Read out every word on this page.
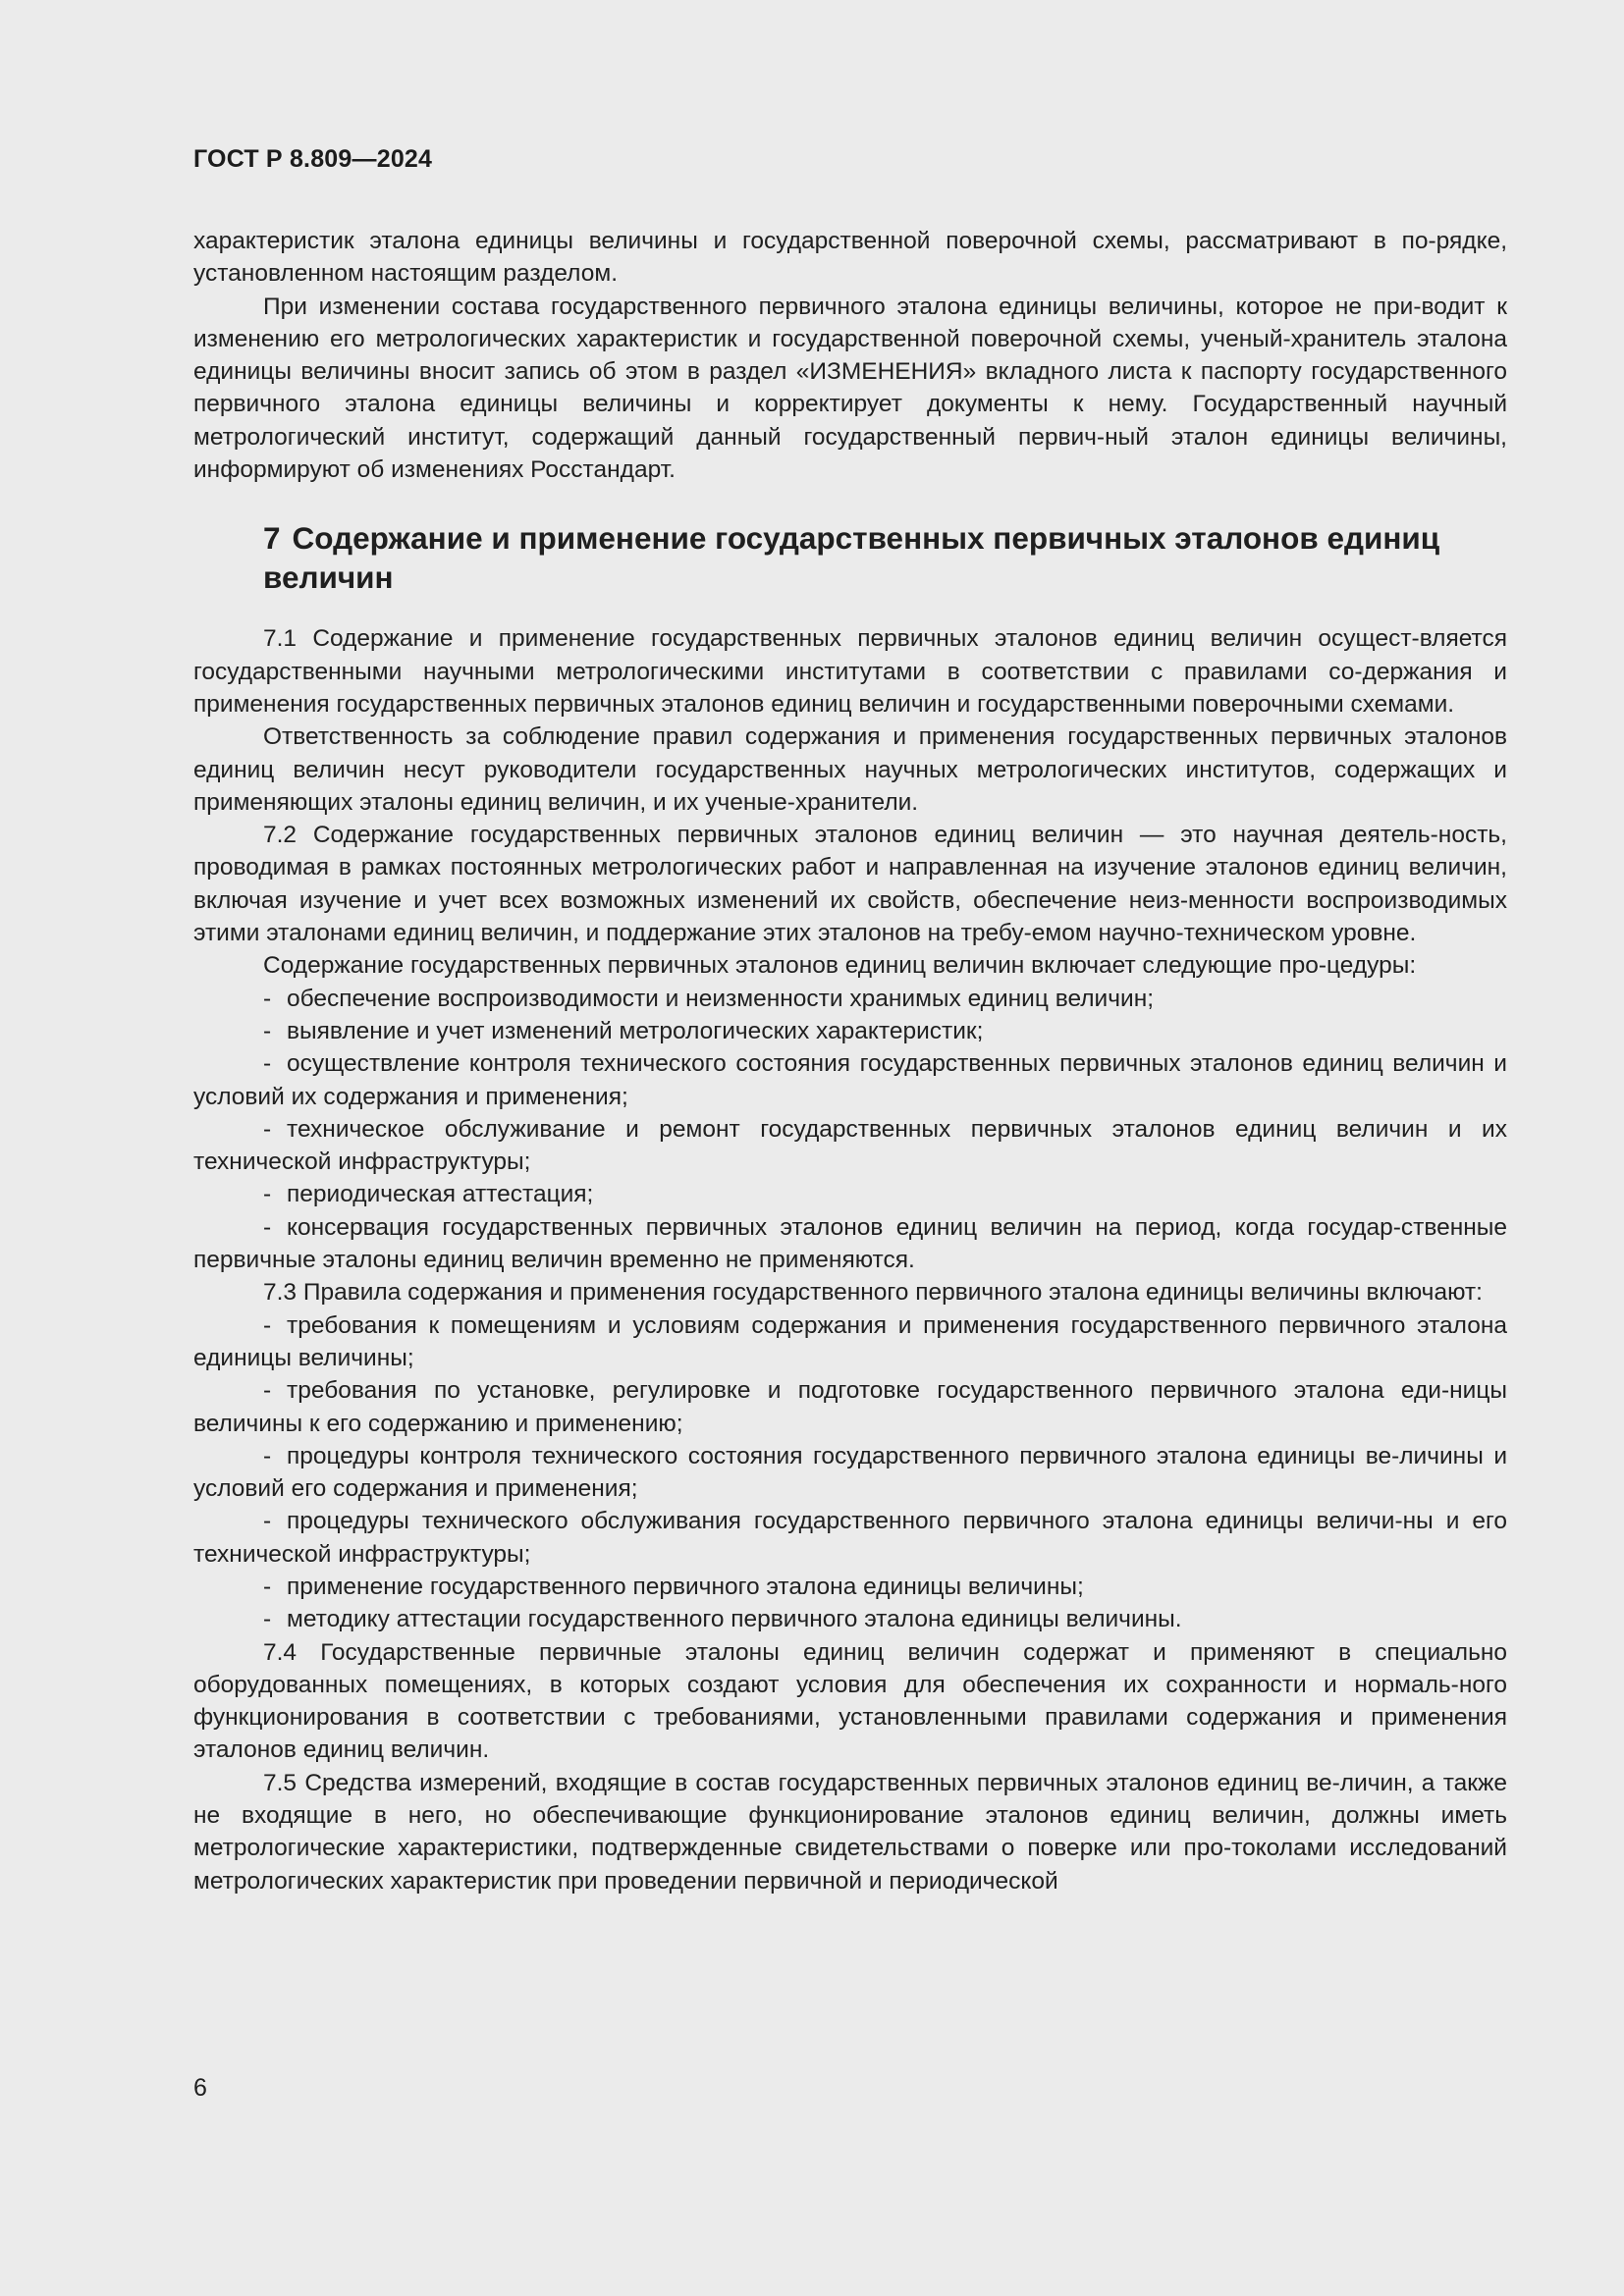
ГОСТ Р 8.809—2024

характеристик эталона единицы величины и государственной поверочной схемы, рассматривают в по-рядке, установленном настоящим разделом.

При изменении состава государственного первичного эталона единицы величины, которое не при-водит к изменению его метрологических характеристик и государственной поверочной схемы, ученый-хранитель эталона единицы величины вносит запись об этом в раздел «ИЗМЕНЕНИЯ» вкладного листа к паспорту государственного первичного эталона единицы величины и корректирует документы к нему. Государственный научный метрологический институт, содержащий данный государственный первич-ный эталон единицы величины, информируют об изменениях Росстандарт.

7 Содержание и применение государственных первичных эталонов единиц величин

7.1 Содержание и применение государственных первичных эталонов единиц величин осущест-вляется государственными научными метрологическими институтами в соответствии с правилами со-держания и применения государственных первичных эталонов единиц величин и государственными поверочными схемами.

Ответственность за соблюдение правил содержания и применения государственных первичных эталонов единиц величин несут руководители государственных научных метрологических институтов, содержащих и применяющих эталоны единиц величин, и их ученые-хранители.

7.2 Содержание государственных первичных эталонов единиц величин — это научная деятель-ность, проводимая в рамках постоянных метрологических работ и направленная на изучение эталонов единиц величин, включая изучение и учет всех возможных изменений их свойств, обеспечение неиз-менности воспроизводимых этими эталонами единиц величин, и поддержание этих эталонов на требу-емом научно-техническом уровне.

Содержание государственных первичных эталонов единиц величин включает следующие про-цедуры:

- обеспечение воспроизводимости и неизменности хранимых единиц величин;

- выявление и учет изменений метрологических характеристик;

- осуществление контроля технического состояния государственных первичных эталонов единиц величин и условий их содержания и применения;

- техническое обслуживание и ремонт государственных первичных эталонов единиц величин и их технической инфраструктуры;

- периодическая аттестация;

- консервация государственных первичных эталонов единиц величин на период, когда государ-ственные первичные эталоны единиц величин временно не применяются.

7.3 Правила содержания и применения государственного первичного эталона единицы величины включают:

- требования к помещениям и условиям содержания и применения государственного первичного эталона единицы величины;

- требования по установке, регулировке и подготовке государственного первичного эталона еди-ницы величины к его содержанию и применению;

- процедуры контроля технического состояния государственного первичного эталона единицы ве-личины и условий его содержания и применения;

- процедуры технического обслуживания государственного первичного эталона единицы величи-ны и его технической инфраструктуры;

- применение государственного первичного эталона единицы величины;

- методику аттестации государственного первичного эталона единицы величины.

7.4 Государственные первичные эталоны единиц величин содержат и применяют в специально оборудованных помещениях, в которых создают условия для обеспечения их сохранности и нормаль-ного функционирования в соответствии с требованиями, установленными правилами содержания и применения эталонов единиц величин.

7.5 Средства измерений, входящие в состав государственных первичных эталонов единиц ве-личин, а также не входящие в него, но обеспечивающие функционирование эталонов единиц величин, должны иметь метрологические характеристики, подтвержденные свидетельствами о поверке или про-токолами исследований метрологических характеристик при проведении первичной и периодической

6
